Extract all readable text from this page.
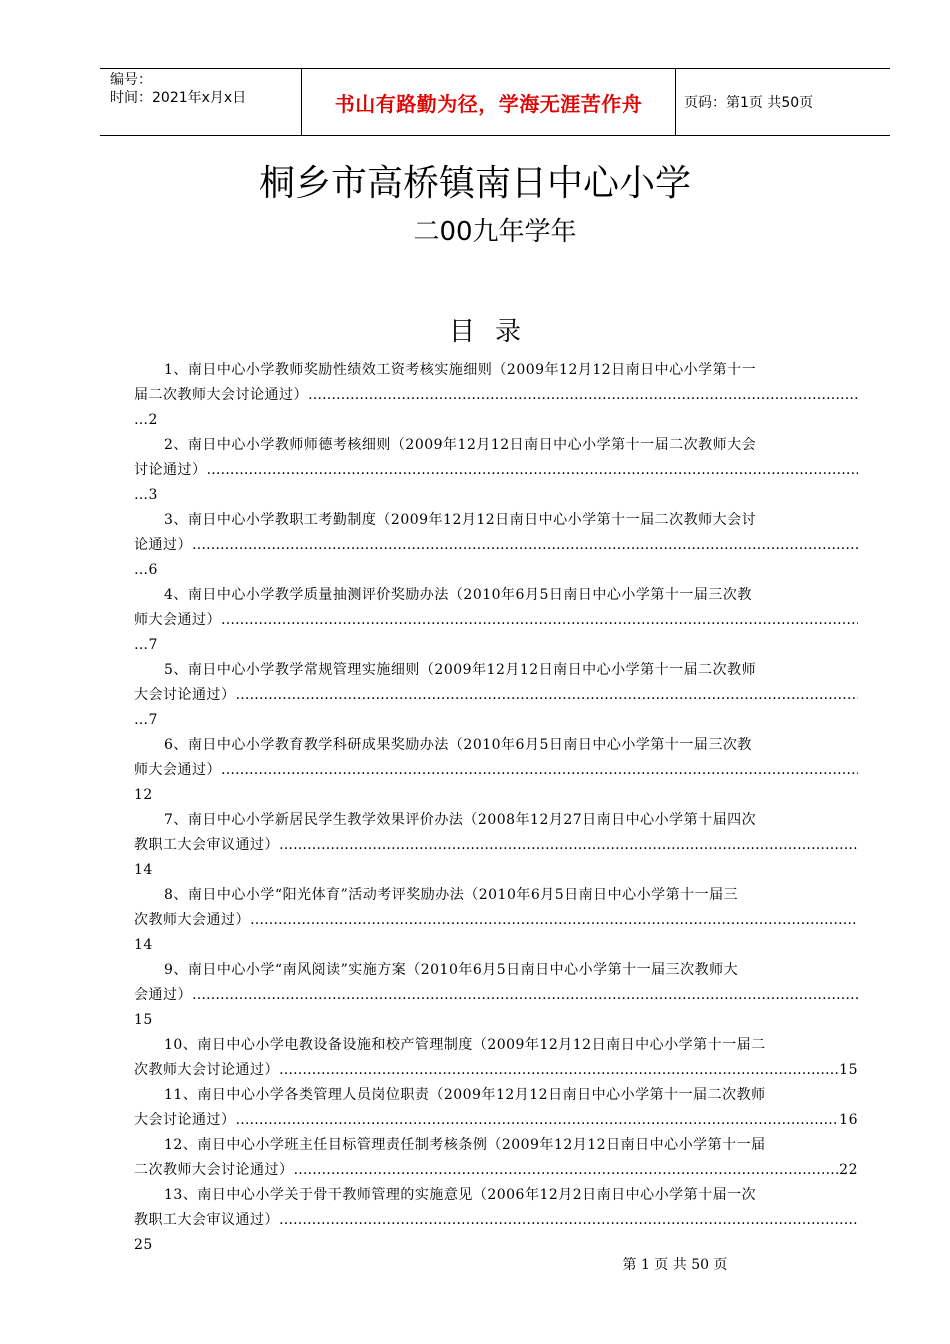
编号：
时间：2021年x月x日	书山有路勤为径，学海无涯苦作舟	页码：第1页 共50页
桐乡市高桥镇南日中心小学
二00九年学年
目录
1、南日中心小学教师奖励性绩效工资考核实施细则（2009年12月12日南日中心小学第十一
届二次教师大会讨论通过）
…………………………………………………………………………………………………………………………………………………
…2
2、南日中心小学教师师德考核细则（2009年12月12日南日中心小学第十一届二次教师大会
讨论通过）
…………………………………………………………………………………………………………………………………………………
…3
3、南日中心小学教职工考勤制度（2009年12月12日南日中心小学第十一届二次教师大会讨
论通过）
…………………………………………………………………………………………………………………………………………………
…6
4、南日中心小学教学质量抽测评价奖励办法（2010年6月5日南日中心小学第十一届三次教
师大会通过）
…………………………………………………………………………………………………………………………………………………
…7
5、南日中心小学教学常规管理实施细则（2009年12月12日南日中心小学第十一届二次教师
大会讨论通过）
…………………………………………………………………………………………………………………………………………………
…7
6、南日中心小学教育教学科研成果奖励办法（2010年6月5日南日中心小学第十一届三次教
师大会通过）
…………………………………………………………………………………………………………………………………………………
12
7、南日中心小学新居民学生教学效果评价办法（2008年12月27日南日中心小学第十届四次
教职工大会审议通过）
…………………………………………………………………………………………………………………………………………………
14
8、南日中心小学“阳光体育”活动考评奖励办法（2010年6月5日南日中心小学第十一届三
次教师大会通过）
…………………………………………………………………………………………………………………………………………………
14
9、南日中心小学“南风阅读”实施方案（2010年6月5日南日中心小学第十一届三次教师大
会通过）
…………………………………………………………………………………………………………………………………………………
15
10、南日中心小学电教设备设施和校产管理制度（2009年12月12日南日中心小学第十一届二
次教师大会讨论通过） …………………………………………………………………………………………………………………………………………………	15
11、南日中心小学各类管理人员岗位职责（2009年12月12日南日中心小学第十一届二次教师
大会讨论通过） …………………………………………………………………………………………………………………………………………………	16
12、南日中心小学班主任目标管理责任制考核条例（2009年12月12日南日中心小学第十一届
二次教师大会讨论通过） …………………………………………………………………………………………………………………………………………………	22
13、南日中心小学关于骨干教师管理的实施意见（2006年12月2日南日中心小学第十届一次
教职工大会审议通过）
…………………………………………………………………………………………………………………………………………………
25
第 1 页 共 50 页
